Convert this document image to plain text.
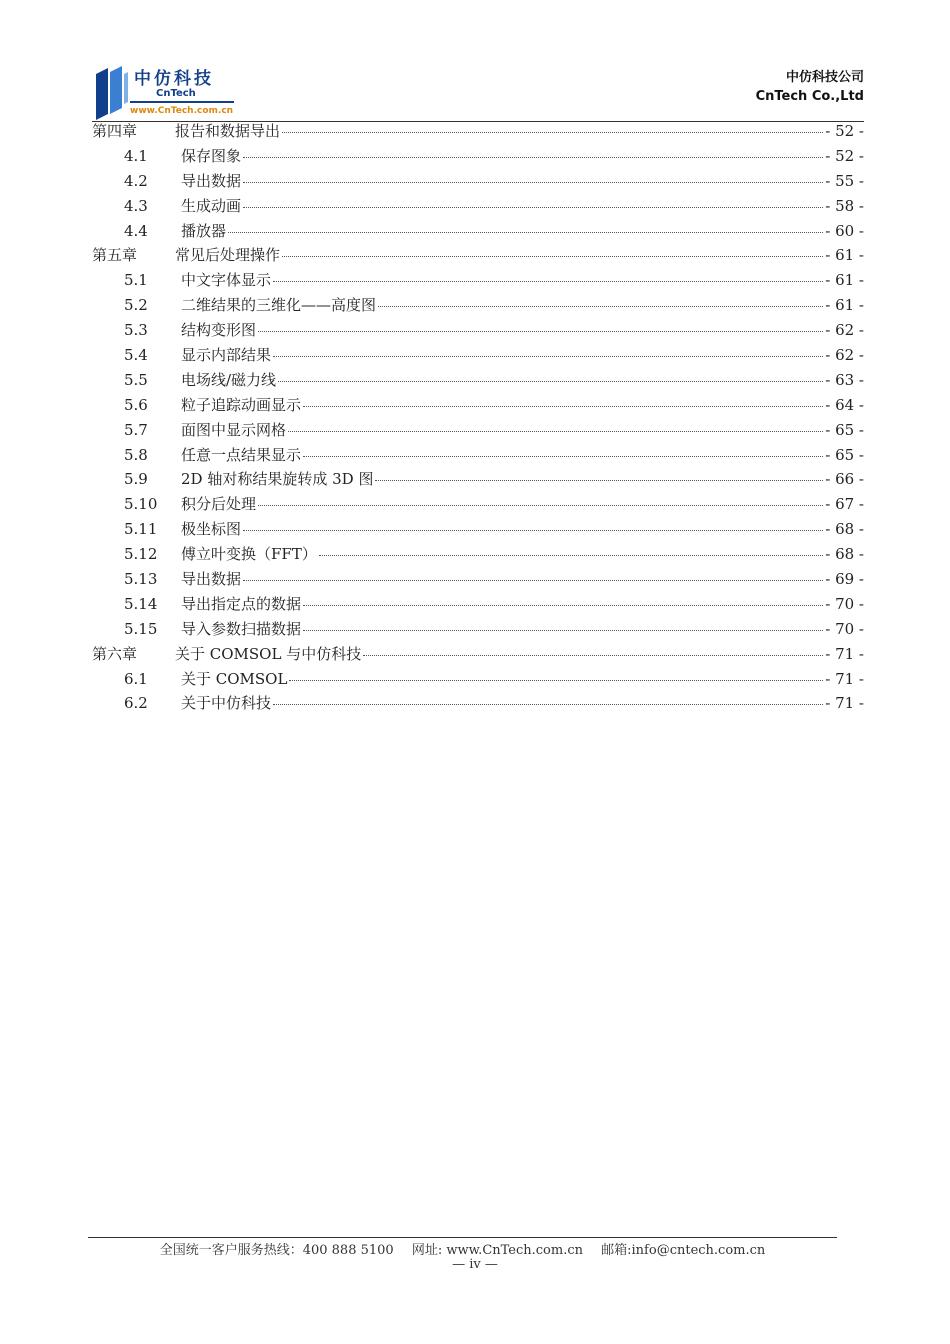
中仿科技
CnTech
www.CnTech.com.cn
中仿科技公司
CnTech Co.,Ltd
第四章	报告和数据导出	- 52 -
4.1	保存图象	- 52 -
4.2	导出数据	- 55 -
4.3	生成动画	- 58 -
4.4	播放器	- 60 -
第五章	常见后处理操作	- 61 -
5.1	中文字体显示	- 61 -
5.2	二维结果的三维化——高度图	- 61 -
5.3	结构变形图	- 62 -
5.4	显示内部结果	- 62 -
5.5	电场线/磁力线	- 63 -
5.6	粒子追踪动画显示	- 64 -
5.7	面图中显示网格	- 65 -
5.8	任意一点结果显示	- 65 -
5.9	2D 轴对称结果旋转成 3D 图	- 66 -
5.10	积分后处理	- 67 -
5.11	极坐标图	- 68 -
5.12	傅立叶变换（FFT）	- 68 -
5.13	导出数据	- 69 -
5.14	导出指定点的数据	- 70 -
5.15	导入参数扫描数据	- 70 -
第六章	关于 COMSOL 与中仿科技	- 71 -
6.1	关于 COMSOL	- 71 -
6.2	关于中仿科技	- 71 -
全国统一客户服务热线：400 888 5100 网址: www.CnTech.com.cn 邮箱:info@cntech.com.cn
— iv —
